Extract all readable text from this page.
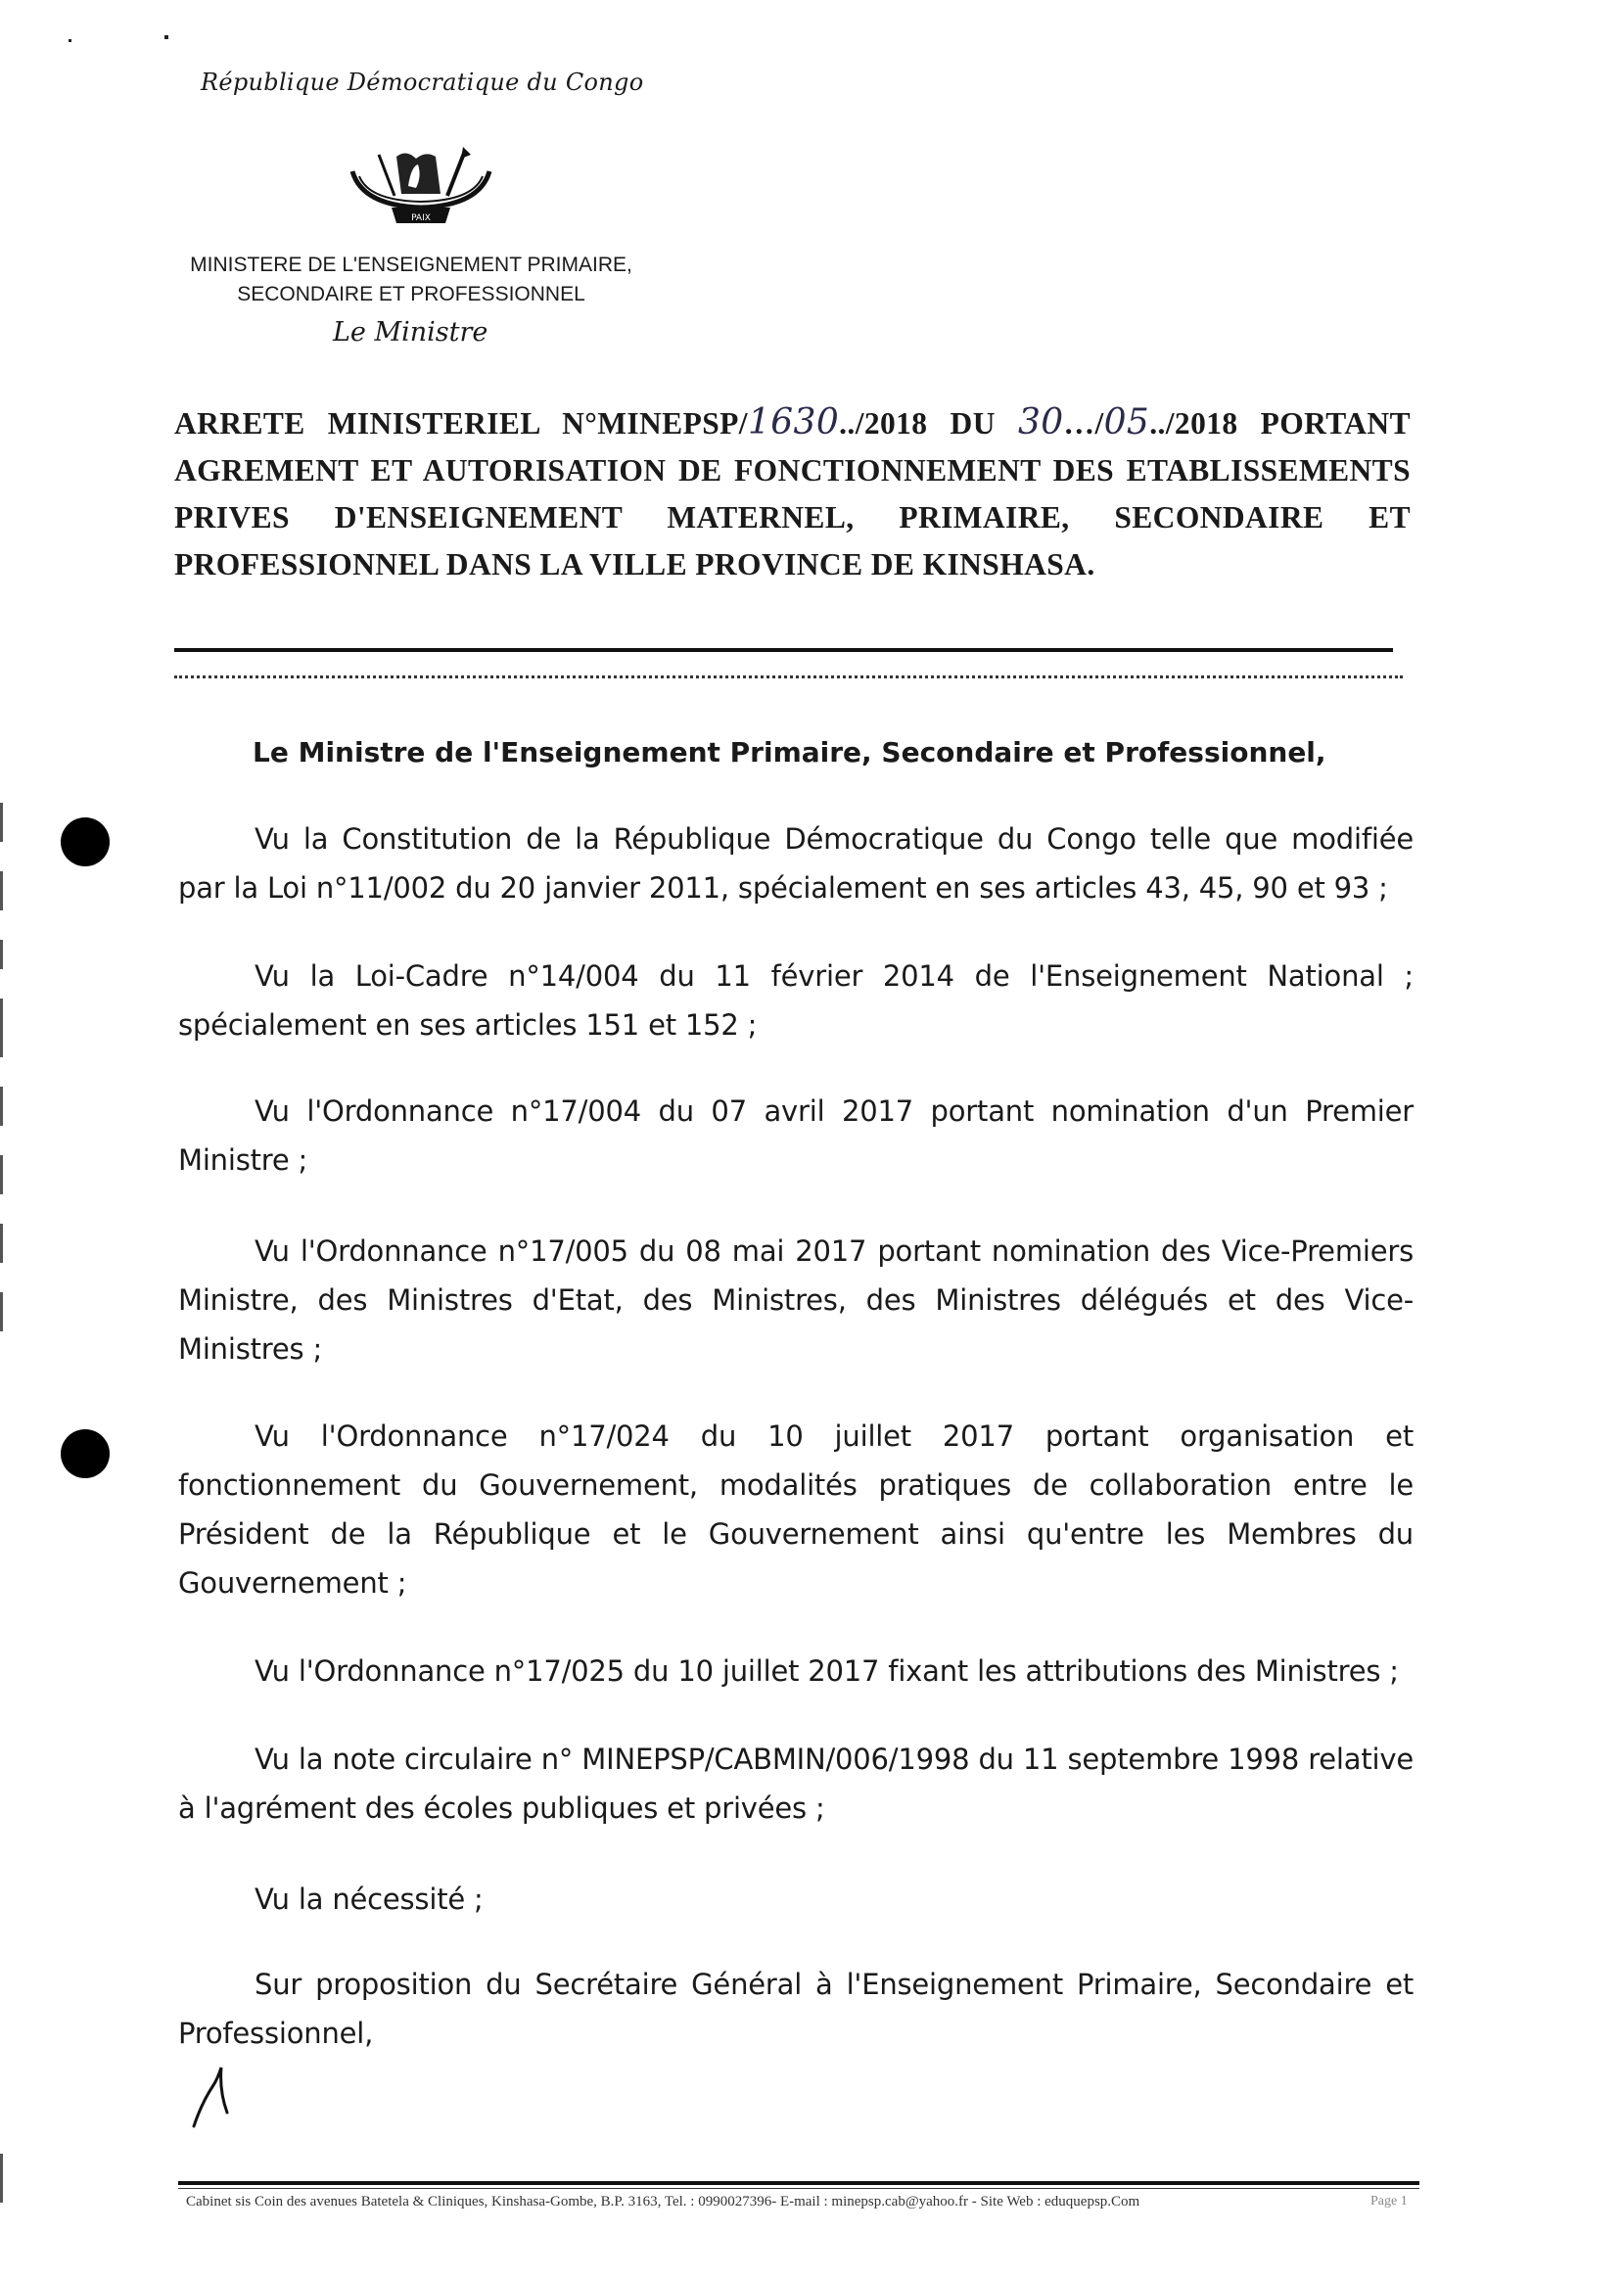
République Démocratique du Congo
PAIX
MINISTERE DE L'ENSEIGNEMENT PRIMAIRE,
SECONDAIRE ET PROFESSIONNEL
Le Ministre
ARRETE MINISTERIEL N°MINEPSP/1630../2018 DU 30…/05../2018 PORTANT AGREMENT ET AUTORISATION DE FONCTIONNEMENT DES ETABLISSEMENTS PRIVES D'ENSEIGNEMENT MATERNEL, PRIMAIRE, SECONDAIRE ET PROFESSIONNEL DANS LA VILLE PROVINCE DE KINSHASA.
Le Ministre de l'Enseignement Primaire, Secondaire et Professionnel,
Vu la Constitution de la République Démocratique du Congo telle que modifiée par la Loi n°11/002 du 20 janvier 2011, spécialement en ses articles 43, 45, 90 et 93 ;
Vu la Loi-Cadre n°14/004 du 11 février 2014 de l'Enseignement National ; spécialement en ses articles 151 et 152 ;
Vu l'Ordonnance n°17/004 du 07 avril 2017 portant nomination d'un Premier Ministre ;
Vu l'Ordonnance n°17/005 du 08 mai 2017 portant nomination des Vice-Premiers Ministre, des Ministres d'Etat, des Ministres, des Ministres délégués et des Vice-Ministres ;
Vu l'Ordonnance n°17/024 du 10 juillet 2017 portant organisation et fonctionnement du Gouvernement, modalités pratiques de collaboration entre le Président de la République et le Gouvernement ainsi qu'entre les Membres du Gouvernement ;
Vu l'Ordonnance n°17/025 du 10 juillet 2017 fixant les attributions des Ministres ;
Vu la note circulaire n° MINEPSP/CABMIN/006/1998 du 11 septembre 1998 relative à l'agrément des écoles publiques et privées ;
Vu la nécessité ;
Sur proposition du Secrétaire Général à l'Enseignement Primaire, Secondaire et Professionnel,
Cabinet sis Coin des avenues Batetela & Cliniques, Kinshasa-Gombe, B.P. 3163, Tel. : 0990027396- E-mail : minepsp.cab@yahoo.fr - Site Web : eduquepsp.Com	Page 1
